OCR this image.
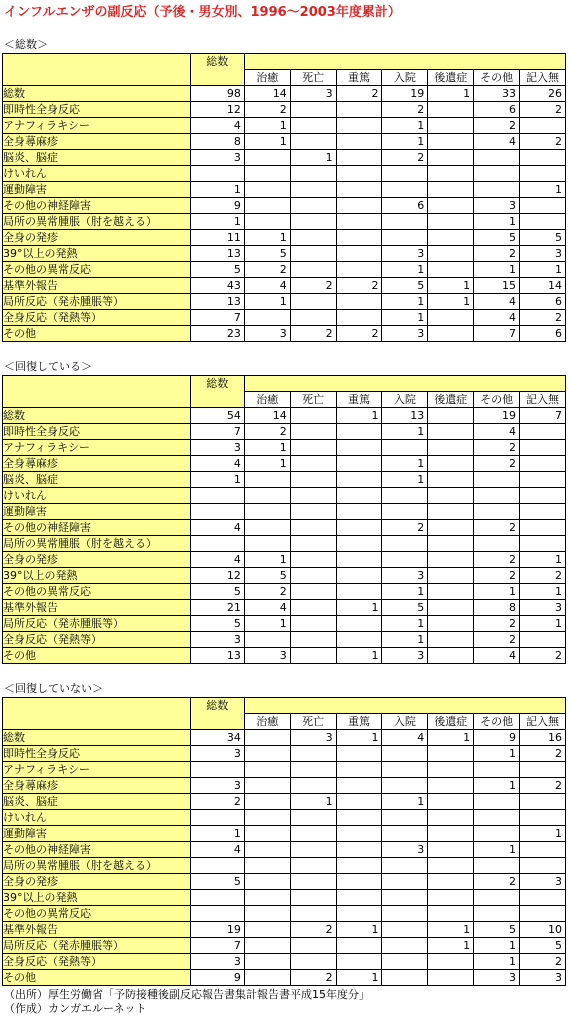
インフルエンザの副反応（予後・男女別、1996～2003年度累計）
＜総数＞
	総数							
		治癒	死亡	重篤	入院	後遺症	その他	記入無
総数	98	14	3	2	19	1	33	26
即時性全身反応	12	2			2		6	2
アナフィラキシー	4	1			1		2	
全身蕁麻疹	8	1			1		4	2
脳炎、脳症	3		1		2			
けいれん								
運動障害	1							1
その他の神経障害	9				6		3	
局所の異常腫脹（肘を越える）	1						1	
全身の発疹	11	1					5	5
39°以上の発熱	13	5			3		2	3
その他の異常反応	5	2			1		1	1
基準外報告	43	4	2	2	5	1	15	14
局所反応（発赤腫脹等）	13	1			1	1	4	6
全身反応（発熱等）	7				1		4	2
その他	23	3	2	2	3		7	6
＜回復している＞
	総数							
		治癒	死亡	重篤	入院	後遺症	その他	記入無
総数	54	14		1	13		19	7
即時性全身反応	7	2			1		4	
アナフィラキシー	3	1					2	
全身蕁麻疹	4	1			1		2	
脳炎、脳症	1				1			
けいれん								
運動障害								
その他の神経障害	4				2		2	
局所の異常腫脹（肘を越える）								
全身の発疹	4	1					2	1
39°以上の発熱	12	5			3		2	2
その他の異常反応	5	2			1		1	1
基準外報告	21	4		1	5		8	3
局所反応（発赤腫脹等）	5	1			1		2	1
全身反応（発熱等）	3				1		2	
その他	13	3		1	3		4	2
＜回復していない＞
	総数							
		治癒	死亡	重篤	入院	後遺症	その他	記入無
総数	34		3	1	4	1	9	16
即時性全身反応	3						1	2
アナフィラキシー								
全身蕁麻疹	3						1	2
脳炎、脳症	2		1		1			
けいれん								
運動障害	1							1
その他の神経障害	4				3		1	
局所の異常腫脹（肘を越える）								
全身の発疹	5						2	3
39°以上の発熱								
その他の異常反応								
基準外報告	19		2	1		1	5	10
局所反応（発赤腫脹等）	7					1	1	5
全身反応（発熱等）	3						1	2
その他	9		2	1			3	3
（出所）厚生労働省「予防接種後副反応報告書集計報告書平成15年度分」
（作成）カンガエルーネット
